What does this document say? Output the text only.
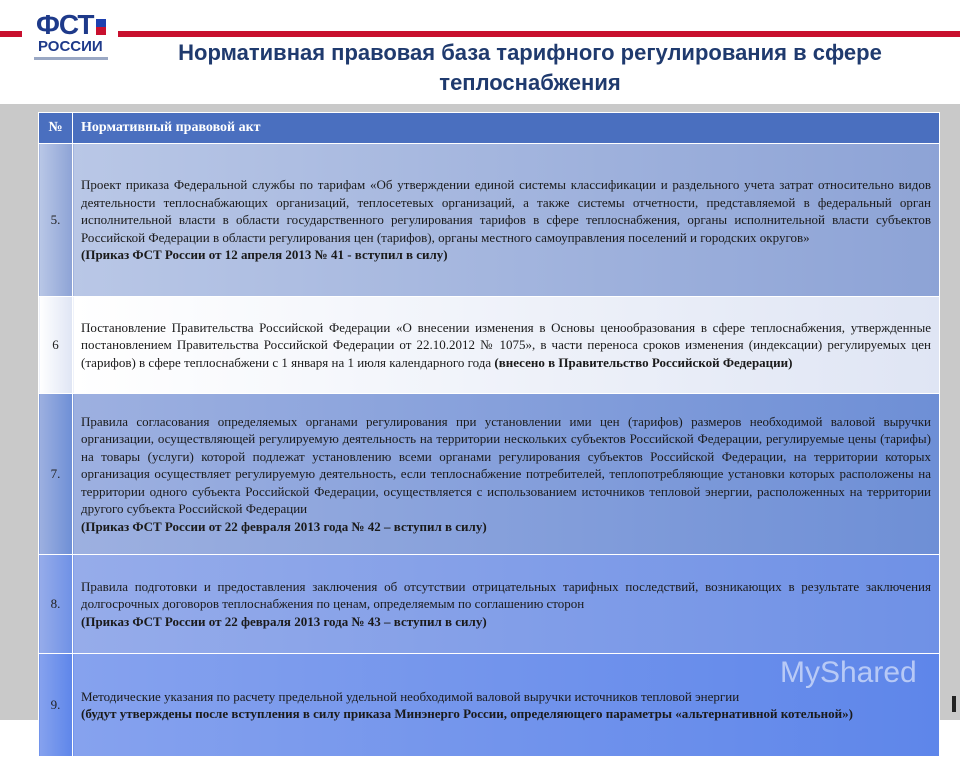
ФСТ
РОССИИ	Нормативная правовая база тарифного регулирования в сфере теплоснабжения
№	Нормативный правовой акт
5.	Проект приказа Федеральной службы по тарифам «Об утверждении единой системы классификации и раздельного учета затрат относительно видов деятельности теплоснабжающих организаций, теплосетевых организаций, а также системы отчетности, представляемой в федеральный орган исполнительной власти в области государственного регулирования тарифов в сфере теплоснабжения, органы исполнительной власти субъектов Российской Федерации в области регулирования цен (тарифов), органы местного самоуправления поселений и городских округов»
(Приказ ФСТ России от 12 апреля 2013 № 41 - вступил в силу)
6	Постановление Правительства Российской Федерации «О внесении изменения в Основы ценообразования в сфере теплоснабжения, утвержденные постановлением Правительства Российской Федерации от 22.10.2012 № 1075», в части переноса сроков изменения (индексации) регулируемых цен (тарифов) в сфере теплоснабжени с 1 января на 1 июля календарного года (внесено в Правительство Российской Федерации)
7.	Правила согласования определяемых органами регулирования при установлении ими цен (тарифов) размеров необходимой валовой выручки организации, осуществляющей регулируемую деятельность на территории нескольких субъектов Российской Федерации, регулируемые цены (тарифы) на товары (услуги) которой подлежат установлению всеми органами регулирования субъектов Российской Федерации, на территории которых организация осуществляет регулируемую деятельность, если теплоснабжение потребителей, теплопотребляющие установки которых расположены на территории одного субъекта Российской Федерации, осуществляется с использованием источников тепловой энергии, расположенных на территории другого субъекта Российской Федерации
(Приказ ФСТ России от 22 февраля 2013 года № 42 – вступил в силу)
8.	Правила подготовки и предоставления заключения об отсутствии отрицательных тарифных последствий, возникающих в результате заключения долгосрочных договоров теплоснабжения по ценам, определяемым по соглашению сторон
(Приказ ФСТ России от 22 февраля 2013 года № 43 – вступил в силу)
9.	Методические указания по расчету предельной удельной необходимой валовой выручки источников тепловой энергии
(будут утверждены после вступления в силу приказа Минэнерго России, определяющего параметры «альтернативной котельной»)
MyShared
